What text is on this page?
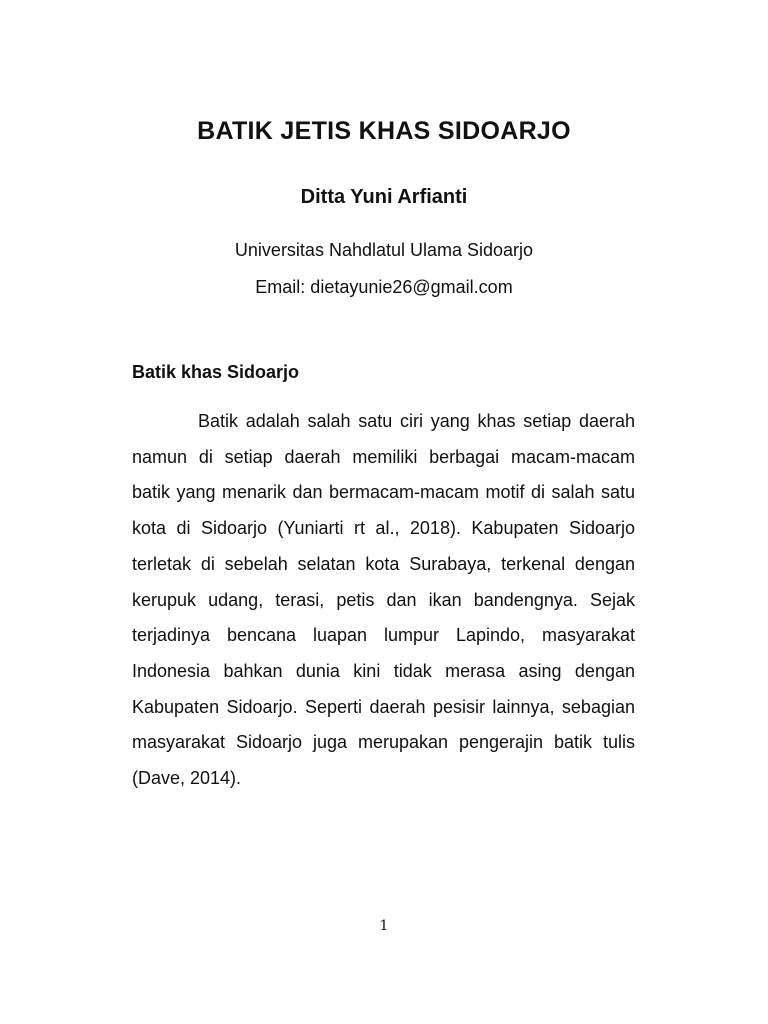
BATIK JETIS KHAS SIDOARJO
Ditta Yuni Arfianti

Universitas Nahdlatul Ulama Sidoarjo

Email: dietayunie26@gmail.com

Batik khas Sidoarjo

Batik adalah salah satu ciri yang khas setiap daerah namun di setiap daerah memiliki berbagai macam-macam batik yang menarik dan bermacam-macam motif di salah satu kota di Sidoarjo (Yuniarti rt al., 2018). Kabupaten Sidoarjo terletak di sebelah selatan kota Surabaya, terkenal dengan kerupuk udang, terasi, petis dan ikan bandengnya. Sejak terjadinya bencana luapan lumpur Lapindo, masyarakat Indonesia bahkan dunia kini tidak merasa asing dengan Kabupaten Sidoarjo. Seperti daerah pesisir lainnya, sebagian masyarakat Sidoarjo juga merupakan pengerajin batik tulis (Dave, 2014).

1
